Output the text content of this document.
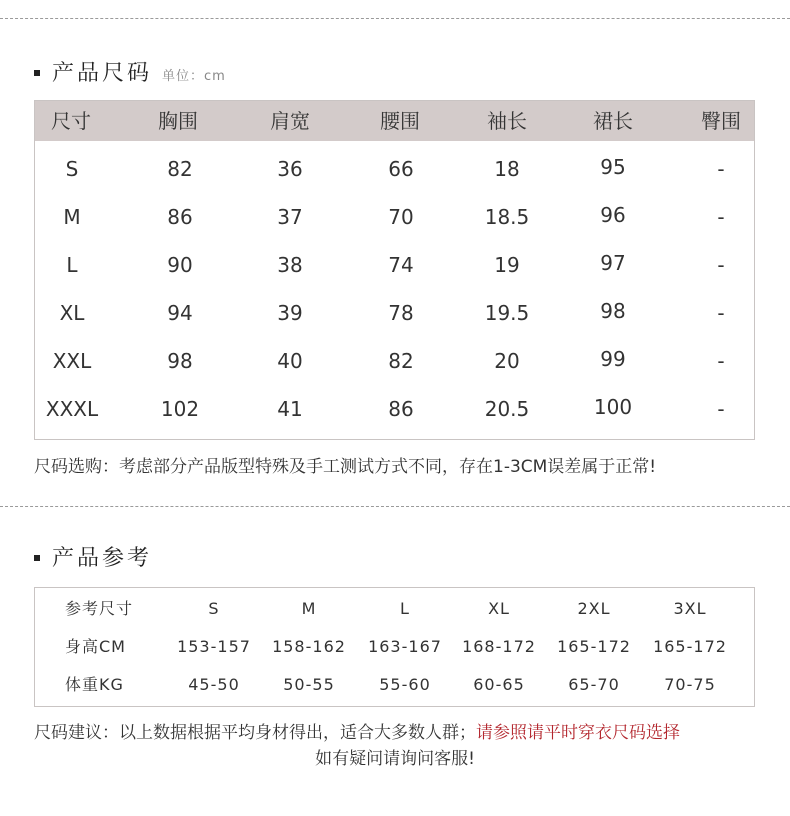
产品尺码 单位：cm
尺寸	胸围	肩宽	腰围	袖长	裙长	臀围
S	82	36	66	18	95	-
M	86	37	70	18.5	96	-
L	90	38	74	19	97	-
XL	94	39	78	19.5	98	-
XXL	98	40	82	20	99	-
XXXL	102	41	86	20.5	100	-
尺码选购：考虑部分产品版型特殊及手工测试方式不同，存在1-3CM误差属于正常!
产品参考
参考尺寸	S	M	L	XL	2XL	3XL
身高CM	153-157 158-162 163-167 168-172 165-172 165-172
体重KG	45-50	50-55	55-60	60-65	65-70	70-75
尺码建议：以上数据根据平均身材得出，适合大多数人群；请参照请平时穿衣尺码选择
如有疑问请询问客服!
